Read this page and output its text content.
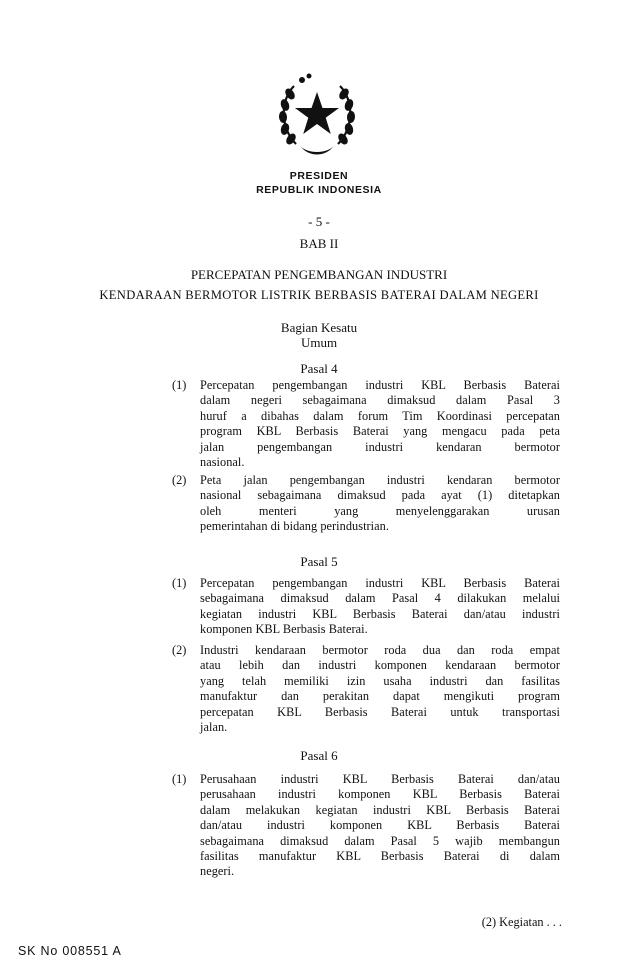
PRESIDEN
REPUBLIK INDONESIA
- 5 -
BAB II
PERCEPATAN PENGEMBANGAN INDUSTRI
KENDARAAN BERMOTOR LISTRIK BERBASIS BATERAI DALAM NEGERI
Bagian Kesatu
Umum
Pasal 4
(1) Percepatan pengembangan industri KBL Berbasis Baterai
dalam negeri sebagaimana dimaksud dalam Pasal 3
huruf a dibahas dalam forum Tim Koordinasi percepatan
program KBL Berbasis Baterai yang mengacu pada peta
jalan pengembangan industri kendaran bermotor
nasional.
(2) Peta jalan pengembangan industri kendaran bermotor
nasional sebagaimana dimaksud pada ayat (1) ditetapkan
oleh menteri yang menyelenggarakan urusan
pemerintahan di bidang perindustrian.
Pasal 5
(1) Percepatan pengembangan industri KBL Berbasis Baterai
sebagaimana dimaksud dalam Pasal 4 dilakukan melalui
kegiatan industri KBL Berbasis Baterai dan/atau industri
komponen KBL Berbasis Baterai.
(2) Industri kendaraan bermotor roda dua dan roda empat
atau lebih dan industri komponen kendaraan bermotor
yang telah memiliki izin usaha industri dan fasilitas
manufaktur dan perakitan dapat mengikuti program
percepatan KBL Berbasis Baterai untuk transportasi
jalan.
Pasal 6
(1) Perusahaan industri KBL Berbasis Baterai dan/atau
perusahaan industri komponen KBL Berbasis Baterai
dalam melakukan kegiatan industri KBL Berbasis Baterai
dan/atau industri komponen KBL Berbasis Baterai
sebagaimana dimaksud dalam Pasal 5 wajib membangun
fasilitas manufaktur KBL Berbasis Baterai di dalam
negeri.
(2) Kegiatan . . .
SK No 008551 A
